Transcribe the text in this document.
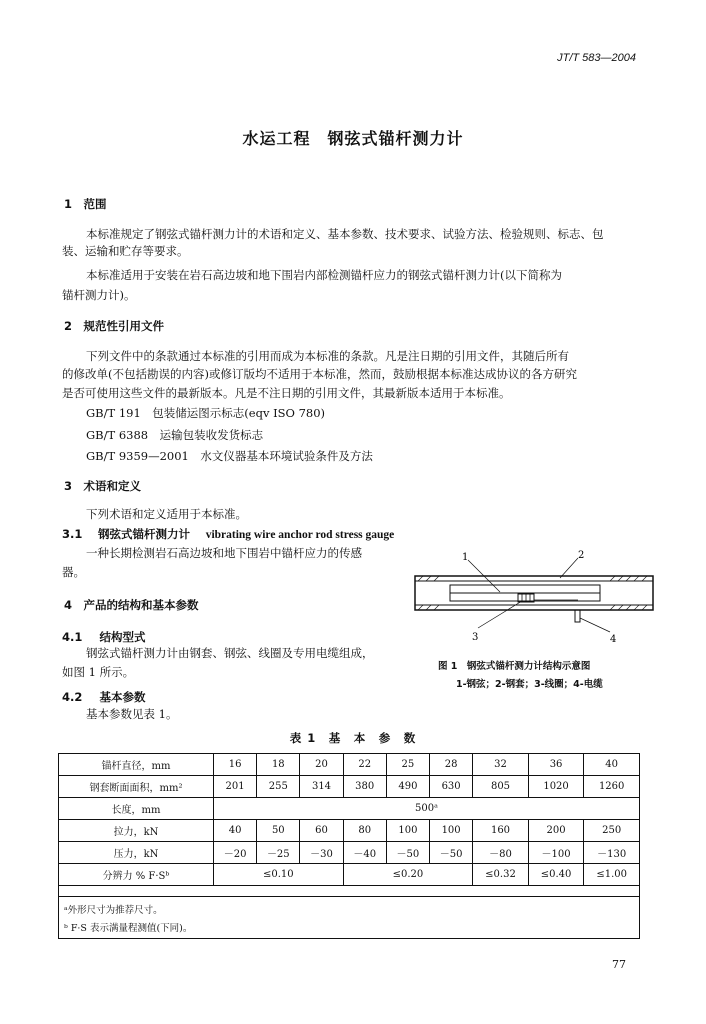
JT/T 583—2004
水运工程　钢弦式锚杆测力计
1　范围
本标准规定了钢弦式锚杆测力计的术语和定义、基本参数、技术要求、试验方法、检验规则、标志、包
装、运输和贮存等要求。
本标准适用于安装在岩石高边坡和地下围岩内部检测锚杆应力的钢弦式锚杆测力计(以下简称为
锚杆测力计)。
2　规范性引用文件
下列文件中的条款通过本标准的引用而成为本标准的条款。凡是注日期的引用文件，其随后所有
的修改单(不包括勘误的内容)或修订版均不适用于本标准，然而，鼓励根据本标准达成协议的各方研究
是否可使用这些文件的最新版本。凡是不注日期的引用文件，其最新版本适用于本标准。
GB/T 191　包装储运图示标志(eqv ISO 780)
GB/T 6388　运输包装收发货标志
GB/T 9359—2001　水文仪器基本环境试验条件及方法
3　术语和定义
下列术语和定义适用于本标准。
3.1 钢弦式锚杆测力计 vibrating wire anchor rod stress gauge
一种长期检测岩石高边坡和地下围岩中锚杆应力的传感
器。
4　产品的结构和基本参数
4.1 结构型式
钢弦式锚杆测力计由钢套、钢弦、线圈及专用电缆组成，
如图 1 所示。
4.2 基本参数
基本参数见表 1。
1	2
3	4
图 1　钢弦式锚杆测力计结构示意图
1-钢弦；2-钢套；3-线圈；4-电缆
表 1　基　本　参　数
锚杆直径，mm	16	18	20	22	25	28	32	36	40
钢套断面面积，mm²	201	255	314	380	490	630	805	1020	1260
长度，mm	500ᵃ								
拉力，kN	40	50	60	80	100	100	160	200	250
压力，kN	－20	－25	－30	－40	－50	－50	－80	－100	－130
分辨力 % F·Sᵇ	≤0.10			≤0.20			≤0.32	≤0.40	≤1.00
ᵃ外形尺寸为推荐尺寸。
ᵇ F·S 表示满量程测值(下同)。
77
